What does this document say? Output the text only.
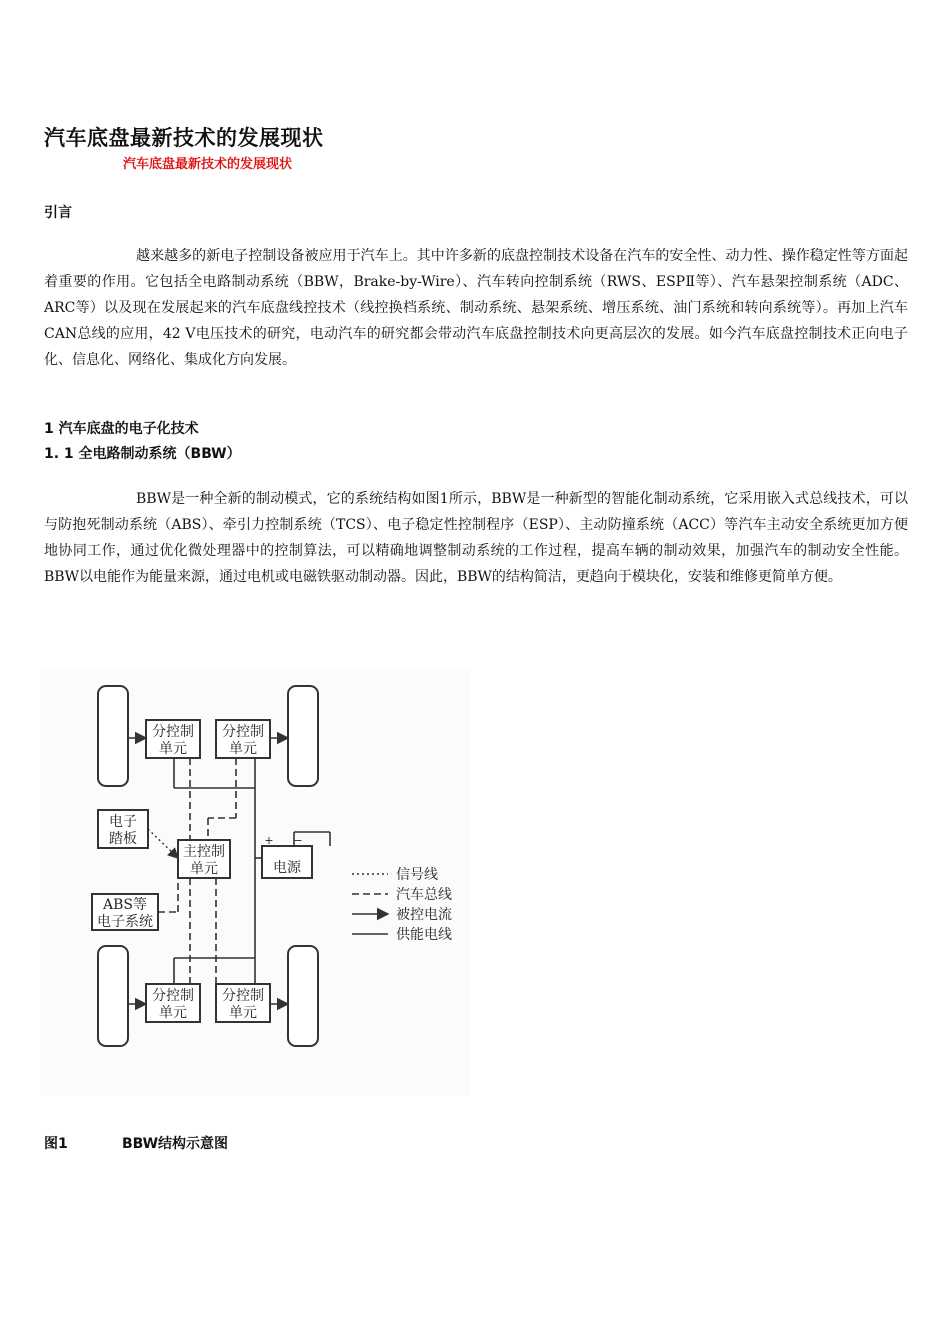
汽车底盘最新技术的发展现状
汽车底盘最新技术的发展现状
引言
越来越多的新电子控制设备被应用于汽车上。其中许多新的底盘控制技术设备在汽车的安全性、动力性、操作稳定性等方面起着重要的作用。它包括全电路制动系统（BBW，Brake-by-Wire）、汽车转向控制系统（RWS、ESPⅡ等）、汽车悬架控制系统（ADC、ARC等）以及现在发展起来的汽车底盘线控技术（线控换档系统、制动系统、悬架系统、增压系统、油门系统和转向系统等）。再加上汽车CAN总线的应用，42 V电压技术的研究，电动汽车的研究都会带动汽车底盘控制技术向更高层次的发展。如今汽车底盘控制技术正向电子化、信息化、网络化、集成化方向发展。
1 汽车底盘的电子化技术
1. 1 全电路制动系统（BBW）
BBW是一种全新的制动模式，它的系统结构如图1所示，BBW是一种新型的智能化制动系统，它采用嵌入式总线技术，可以与防抱死制动系统（ABS）、牵引力控制系统（TCS）、电子稳定性控制程序（ESP）、主动防撞系统（ACC）等汽车主动安全系统更加方便地协同工作，通过优化微处理器中的控制算法，可以精确地调整制动系统的工作过程，提高车辆的制动效果，加强汽车的制动安全性能。BBW以电能作为能量来源，通过电机或电磁铁驱动制动器。因此，BBW的结构简洁，更趋向于模块化，安装和维修更简单方便。
分控制
单元
分控制
单元
分控制
单元
分控制
单元
主控制
单元
电子
踏板
ABS等
电子系统
电源
+ −
信号线
汽车总线
被控电流
供能电线
图1	BBW结构示意图
